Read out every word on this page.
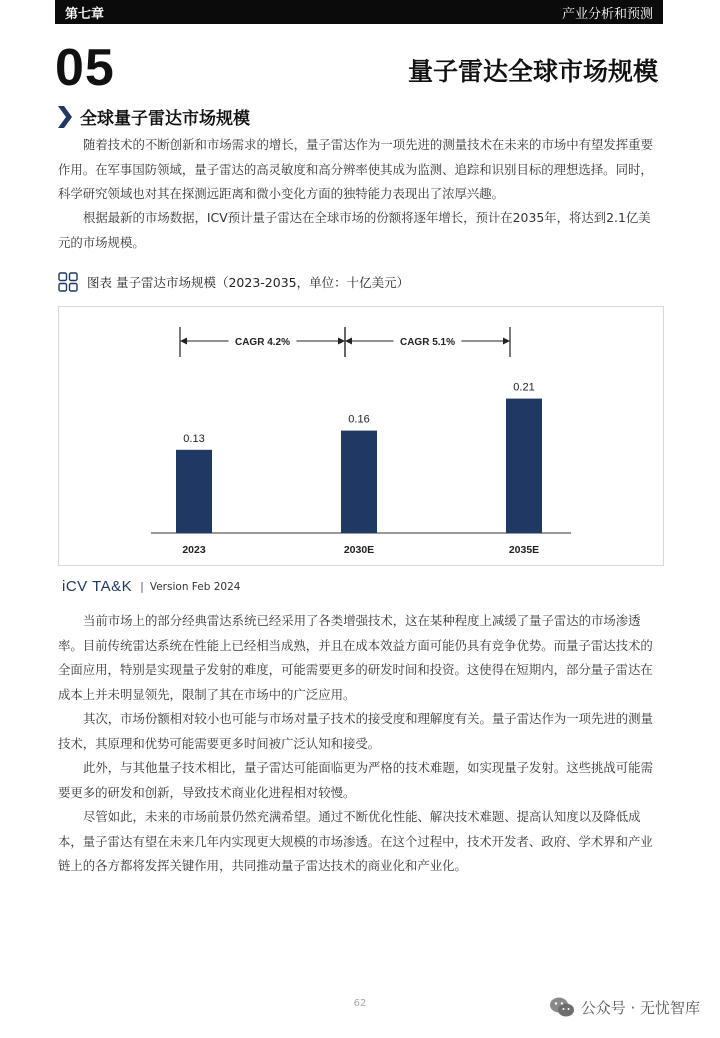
第七章	产业分析和预测
05	量子雷达全球市场规模
全球量子雷达市场规模

随着技术的不断创新和市场需求的增长，量子雷达作为一项先进的测量技术在未来的市场中有望发挥重要作用。在军事国防领域，量子雷达的高灵敏度和高分辨率使其成为监测、追踪和识别目标的理想选择。同时，科学研究领域也对其在探测远距离和微小变化方面的独特能力表现出了浓厚兴趣。

根据最新的市场数据，ICV预计量子雷达在全球市场的份额将逐年增长，预计在2035年，将达到2.1亿美元的市场规模。

图表 量子雷达市场规模（2023-2035，单位：十亿美元）
0.13
2023
0.16
2030E
0.21
2035E
CAGR 4.2%	CAGR 5.1%
iCV TA&K | Version Feb 2024

当前市场上的部分经典雷达系统已经采用了各类增强技术，这在某种程度上减缓了量子雷达的市场渗透率。目前传统雷达系统在性能上已经相当成熟，并且在成本效益方面可能仍具有竞争优势。而量子雷达技术的全面应用，特别是实现量子发射的难度，可能需要更多的研发时间和投资。这使得在短期内，部分量子雷达在成本上并未明显领先，限制了其在市场中的广泛应用。

其次，市场份额相对较小也可能与市场对量子技术的接受度和理解度有关。量子雷达作为一项先进的测量技术，其原理和优势可能需要更多时间被广泛认知和接受。

此外，与其他量子技术相比，量子雷达可能面临更为严格的技术难题，如实现量子发射。这些挑战可能需要更多的研发和创新，导致技术商业化进程相对较慢。

尽管如此，未来的市场前景仍然充满希望。通过不断优化性能、解决技术难题、提高认知度以及降低成本，量子雷达有望在未来几年内实现更大规模的市场渗透。在这个过程中，技术开发者、政府、学术界和产业链上的各方都将发挥关键作用，共同推动量子雷达技术的商业化和产业化。

62	公众号 · 无忧智库
